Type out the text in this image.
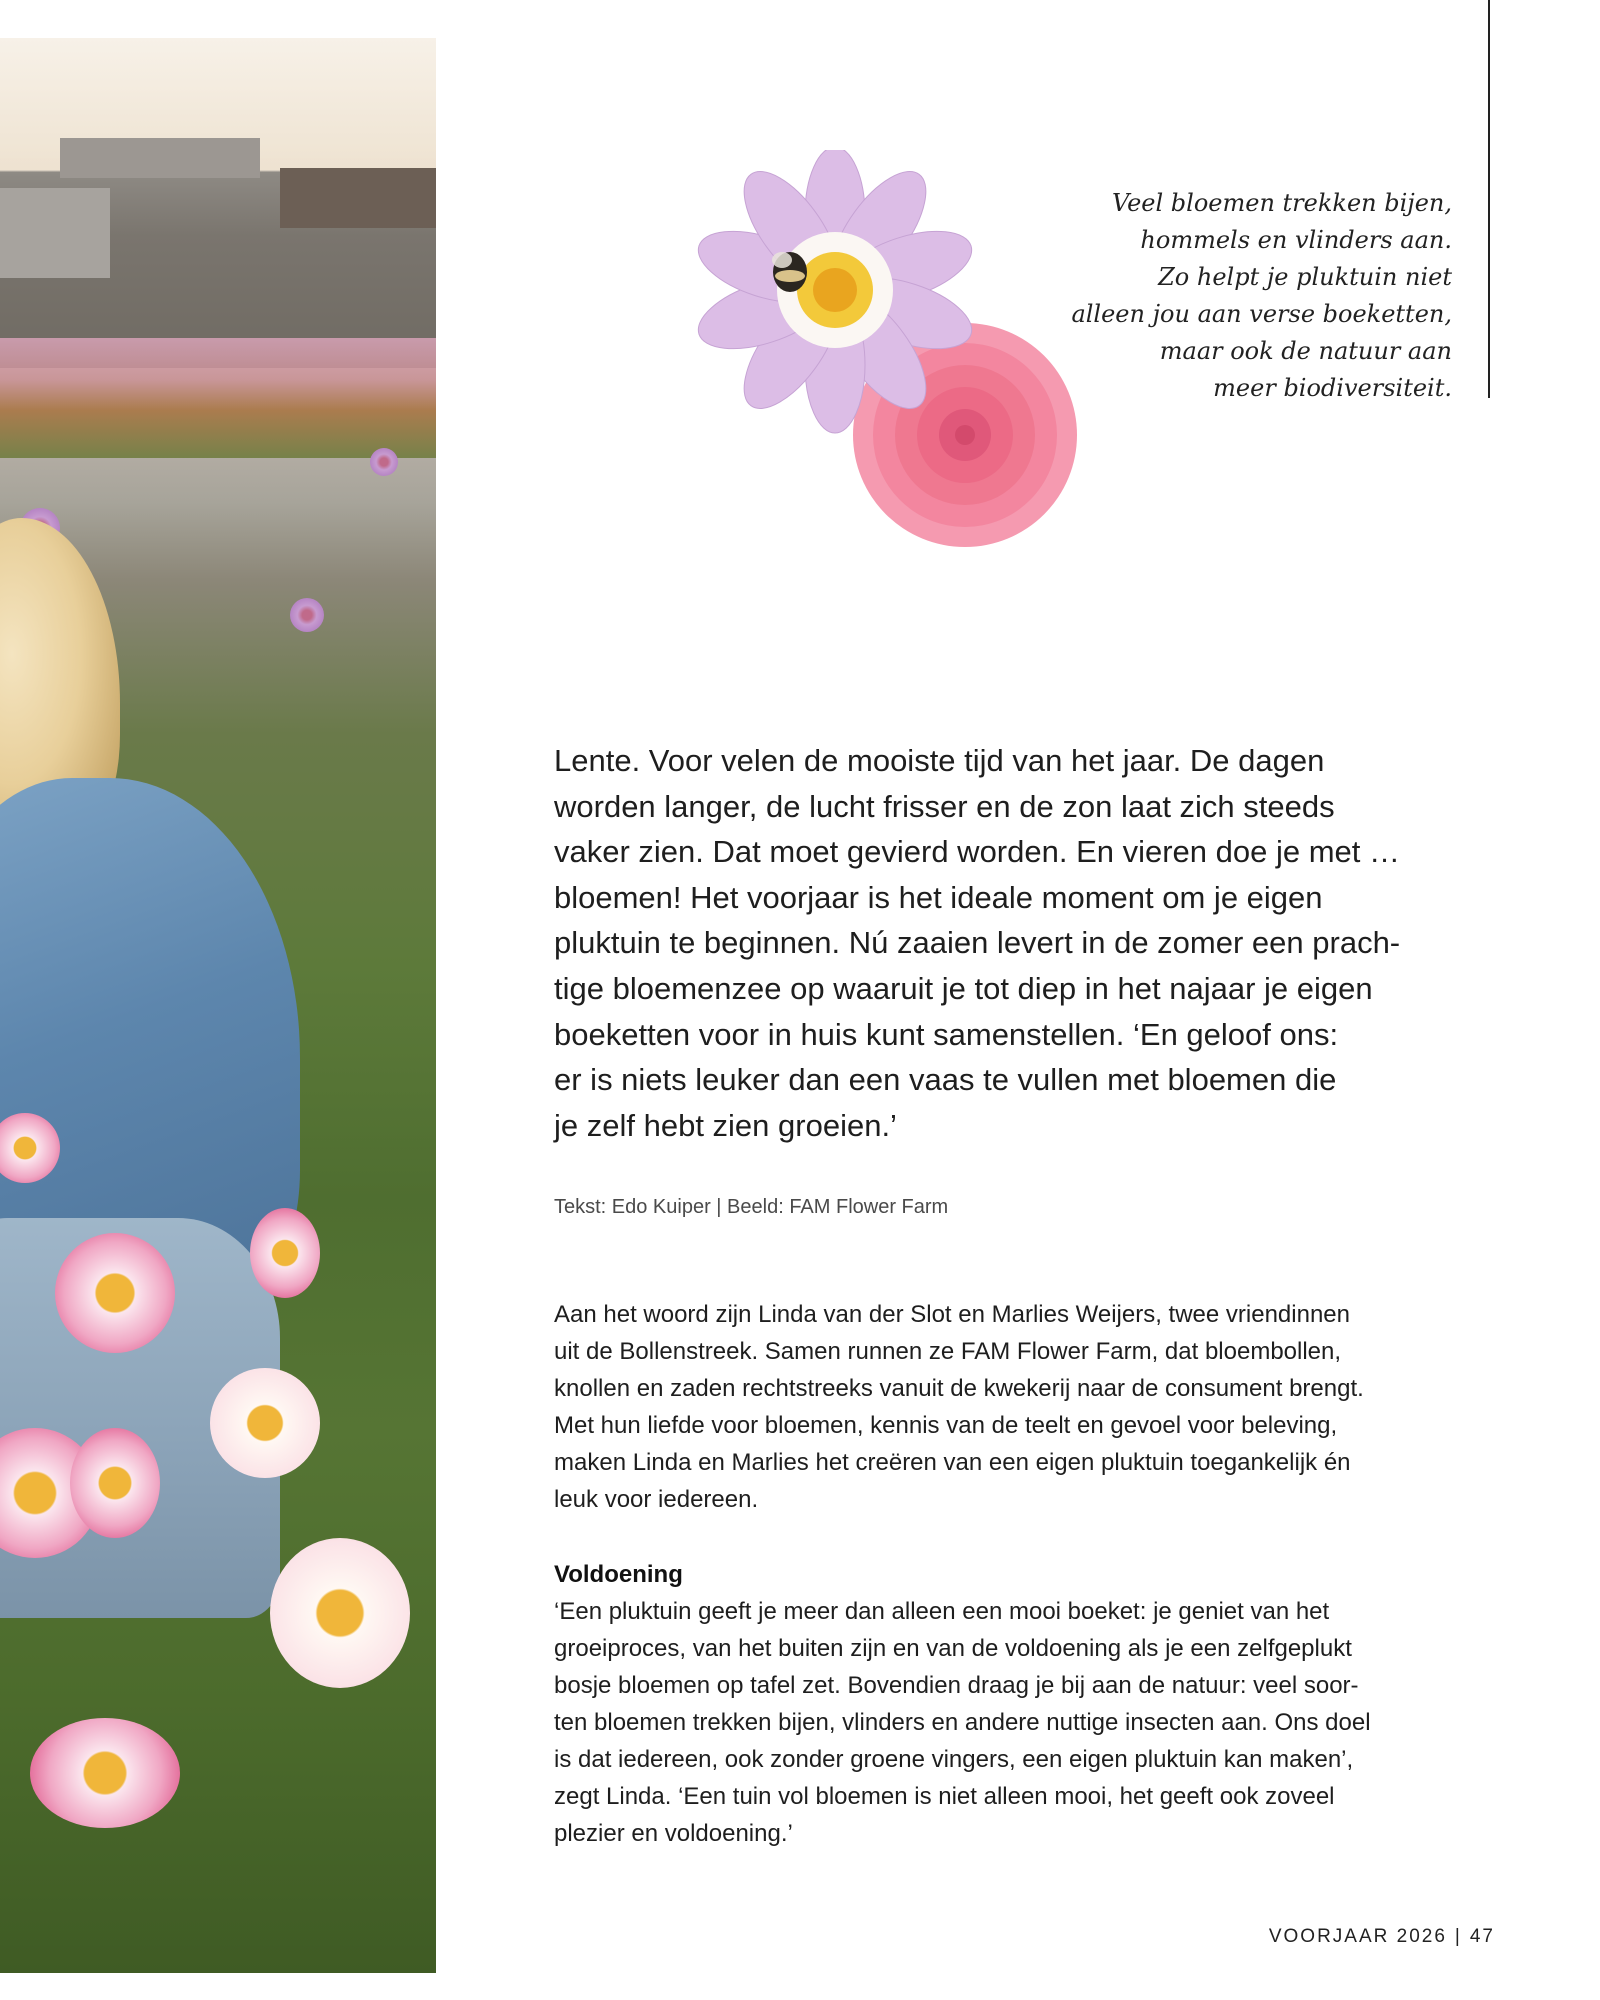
Veel bloemen trekken bijen,
hommels en vlinders aan.
Zo helpt je pluktuin niet
alleen jou aan verse boeketten,
maar ook de natuur aan
meer biodiversiteit.
Lente. Voor velen de mooiste tijd van het jaar. De dagen
worden langer, de lucht frisser en de zon laat zich steeds
vaker zien. Dat moet gevierd worden. En vieren doe je met …
bloemen! Het voorjaar is het ideale moment om je eigen
pluktuin te beginnen. Nú zaaien levert in de zomer een prach-
tige bloemenzee op waaruit je tot diep in het najaar je eigen
boeketten voor in huis kunt samenstellen. ‘En geloof ons:
er is niets leuker dan een vaas te vullen met bloemen die
je zelf hebt zien groeien.’
Tekst: Edo Kuiper | Beeld: FAM Flower Farm
Aan het woord zijn Linda van der Slot en Marlies Weijers, twee vriendinnen
uit de Bollenstreek. Samen runnen ze FAM Flower Farm, dat bloembollen,
knollen en zaden rechtstreeks vanuit de kwekerij naar de consument brengt.
Met hun liefde voor bloemen, kennis van de teelt en gevoel voor beleving,
maken Linda en Marlies het creëren van een eigen pluktuin toegankelijk én
leuk voor iedereen.
Voldoening
‘Een pluktuin geeft je meer dan alleen een mooi boeket: je geniet van het
groeiproces, van het buiten zijn en van de voldoening als je een zelfgeplukt
bosje bloemen op tafel zet. Bovendien draag je bij aan de natuur: veel soor-
ten bloemen trekken bijen, vlinders en andere nuttige insecten aan. Ons doel
is dat iedereen, ook zonder groene vingers, een eigen pluktuin kan maken’,
zegt Linda. ‘Een tuin vol bloemen is niet alleen mooi, het geeft ook zoveel
plezier en voldoening.’
VOORJAAR 2026 | 47
